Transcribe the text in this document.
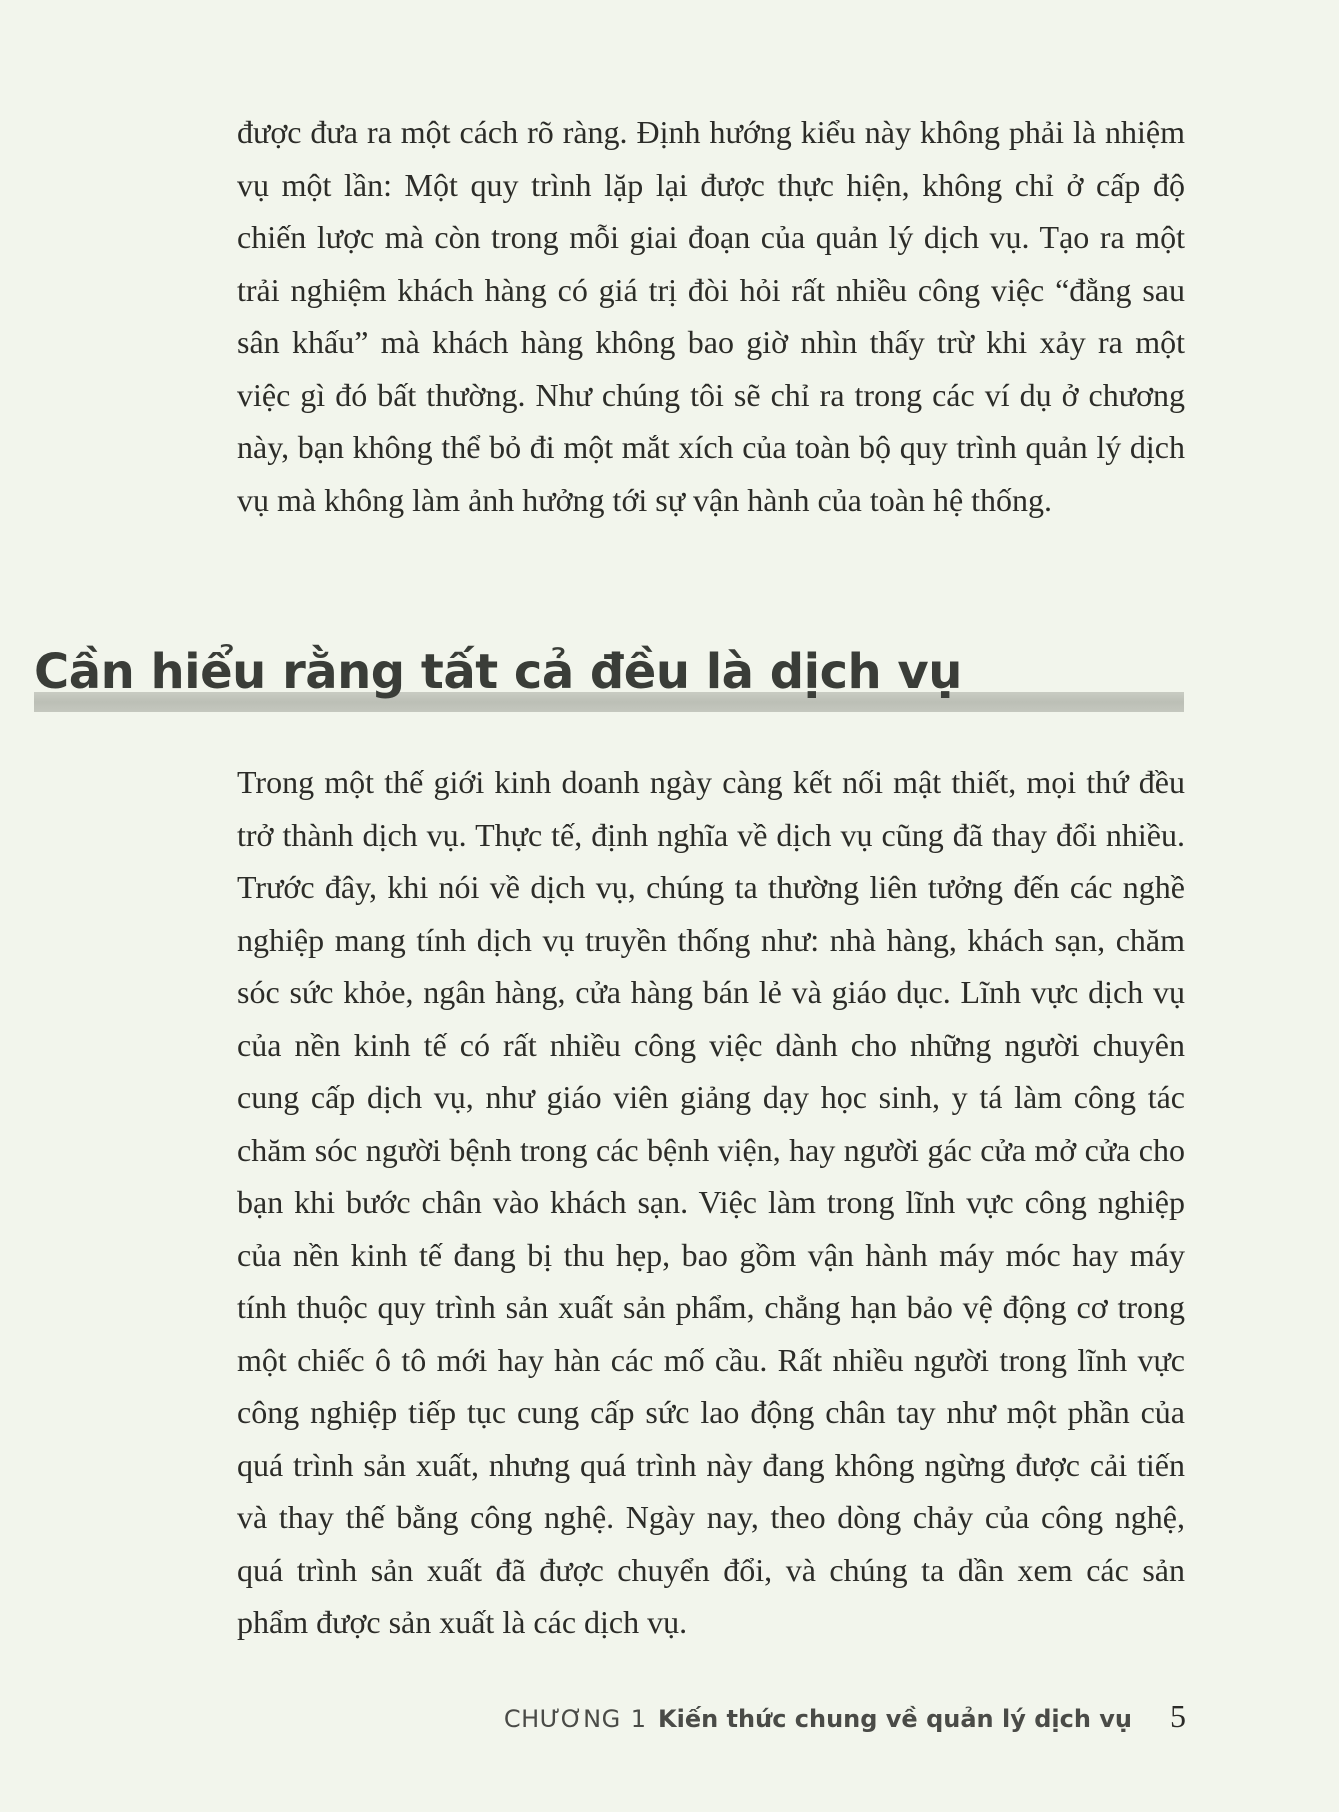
được đưa ra một cách rõ ràng. Định hướng kiểu này không phải là nhiệm vụ một lần: Một quy trình lặp lại được thực hiện, không chỉ ở cấp độ chiến lược mà còn trong mỗi giai đoạn của quản lý dịch vụ. Tạo ra một trải nghiệm khách hàng có giá trị đòi hỏi rất nhiều công việc “đằng sau sân khấu” mà khách hàng không bao giờ nhìn thấy trừ khi xảy ra một việc gì đó bất thường. Như chúng tôi sẽ chỉ ra trong các ví dụ ở chương này, bạn không thể bỏ đi một mắt xích của toàn bộ quy trình quản lý dịch vụ mà không làm ảnh hưởng tới sự vận hành của toàn hệ thống.

Cần hiểu rằng tất cả đều là dịch vụ

Trong một thế giới kinh doanh ngày càng kết nối mật thiết, mọi thứ đều trở thành dịch vụ. Thực tế, định nghĩa về dịch vụ cũng đã thay đổi nhiều. Trước đây, khi nói về dịch vụ, chúng ta thường liên tưởng đến các nghề nghiệp mang tính dịch vụ truyền thống như: nhà hàng, khách sạn, chăm sóc sức khỏe, ngân hàng, cửa hàng bán lẻ và giáo dục. Lĩnh vực dịch vụ của nền kinh tế có rất nhiều công việc dành cho những người chuyên cung cấp dịch vụ, như giáo viên giảng dạy học sinh, y tá làm công tác chăm sóc người bệnh trong các bệnh viện, hay người gác cửa mở cửa cho bạn khi bước chân vào khách sạn. Việc làm trong lĩnh vực công nghiệp của nền kinh tế đang bị thu hẹp, bao gồm vận hành máy móc hay máy tính thuộc quy trình sản xuất sản phẩm, chẳng hạn bảo vệ động cơ trong một chiếc ô tô mới hay hàn các mố cầu. Rất nhiều người trong lĩnh vực công nghiệp tiếp tục cung cấp sức lao động chân tay như một phần của quá trình sản xuất, nhưng quá trình này đang không ngừng được cải tiến và thay thế bằng công nghệ. Ngày nay, theo dòng chảy của công nghệ, quá trình sản xuất đã được chuyển đổi, và chúng ta dần xem các sản phẩm được sản xuất là các dịch vụ.

CHƯƠNG 1 Kiến thức chung về quản lý dịch vụ 5
